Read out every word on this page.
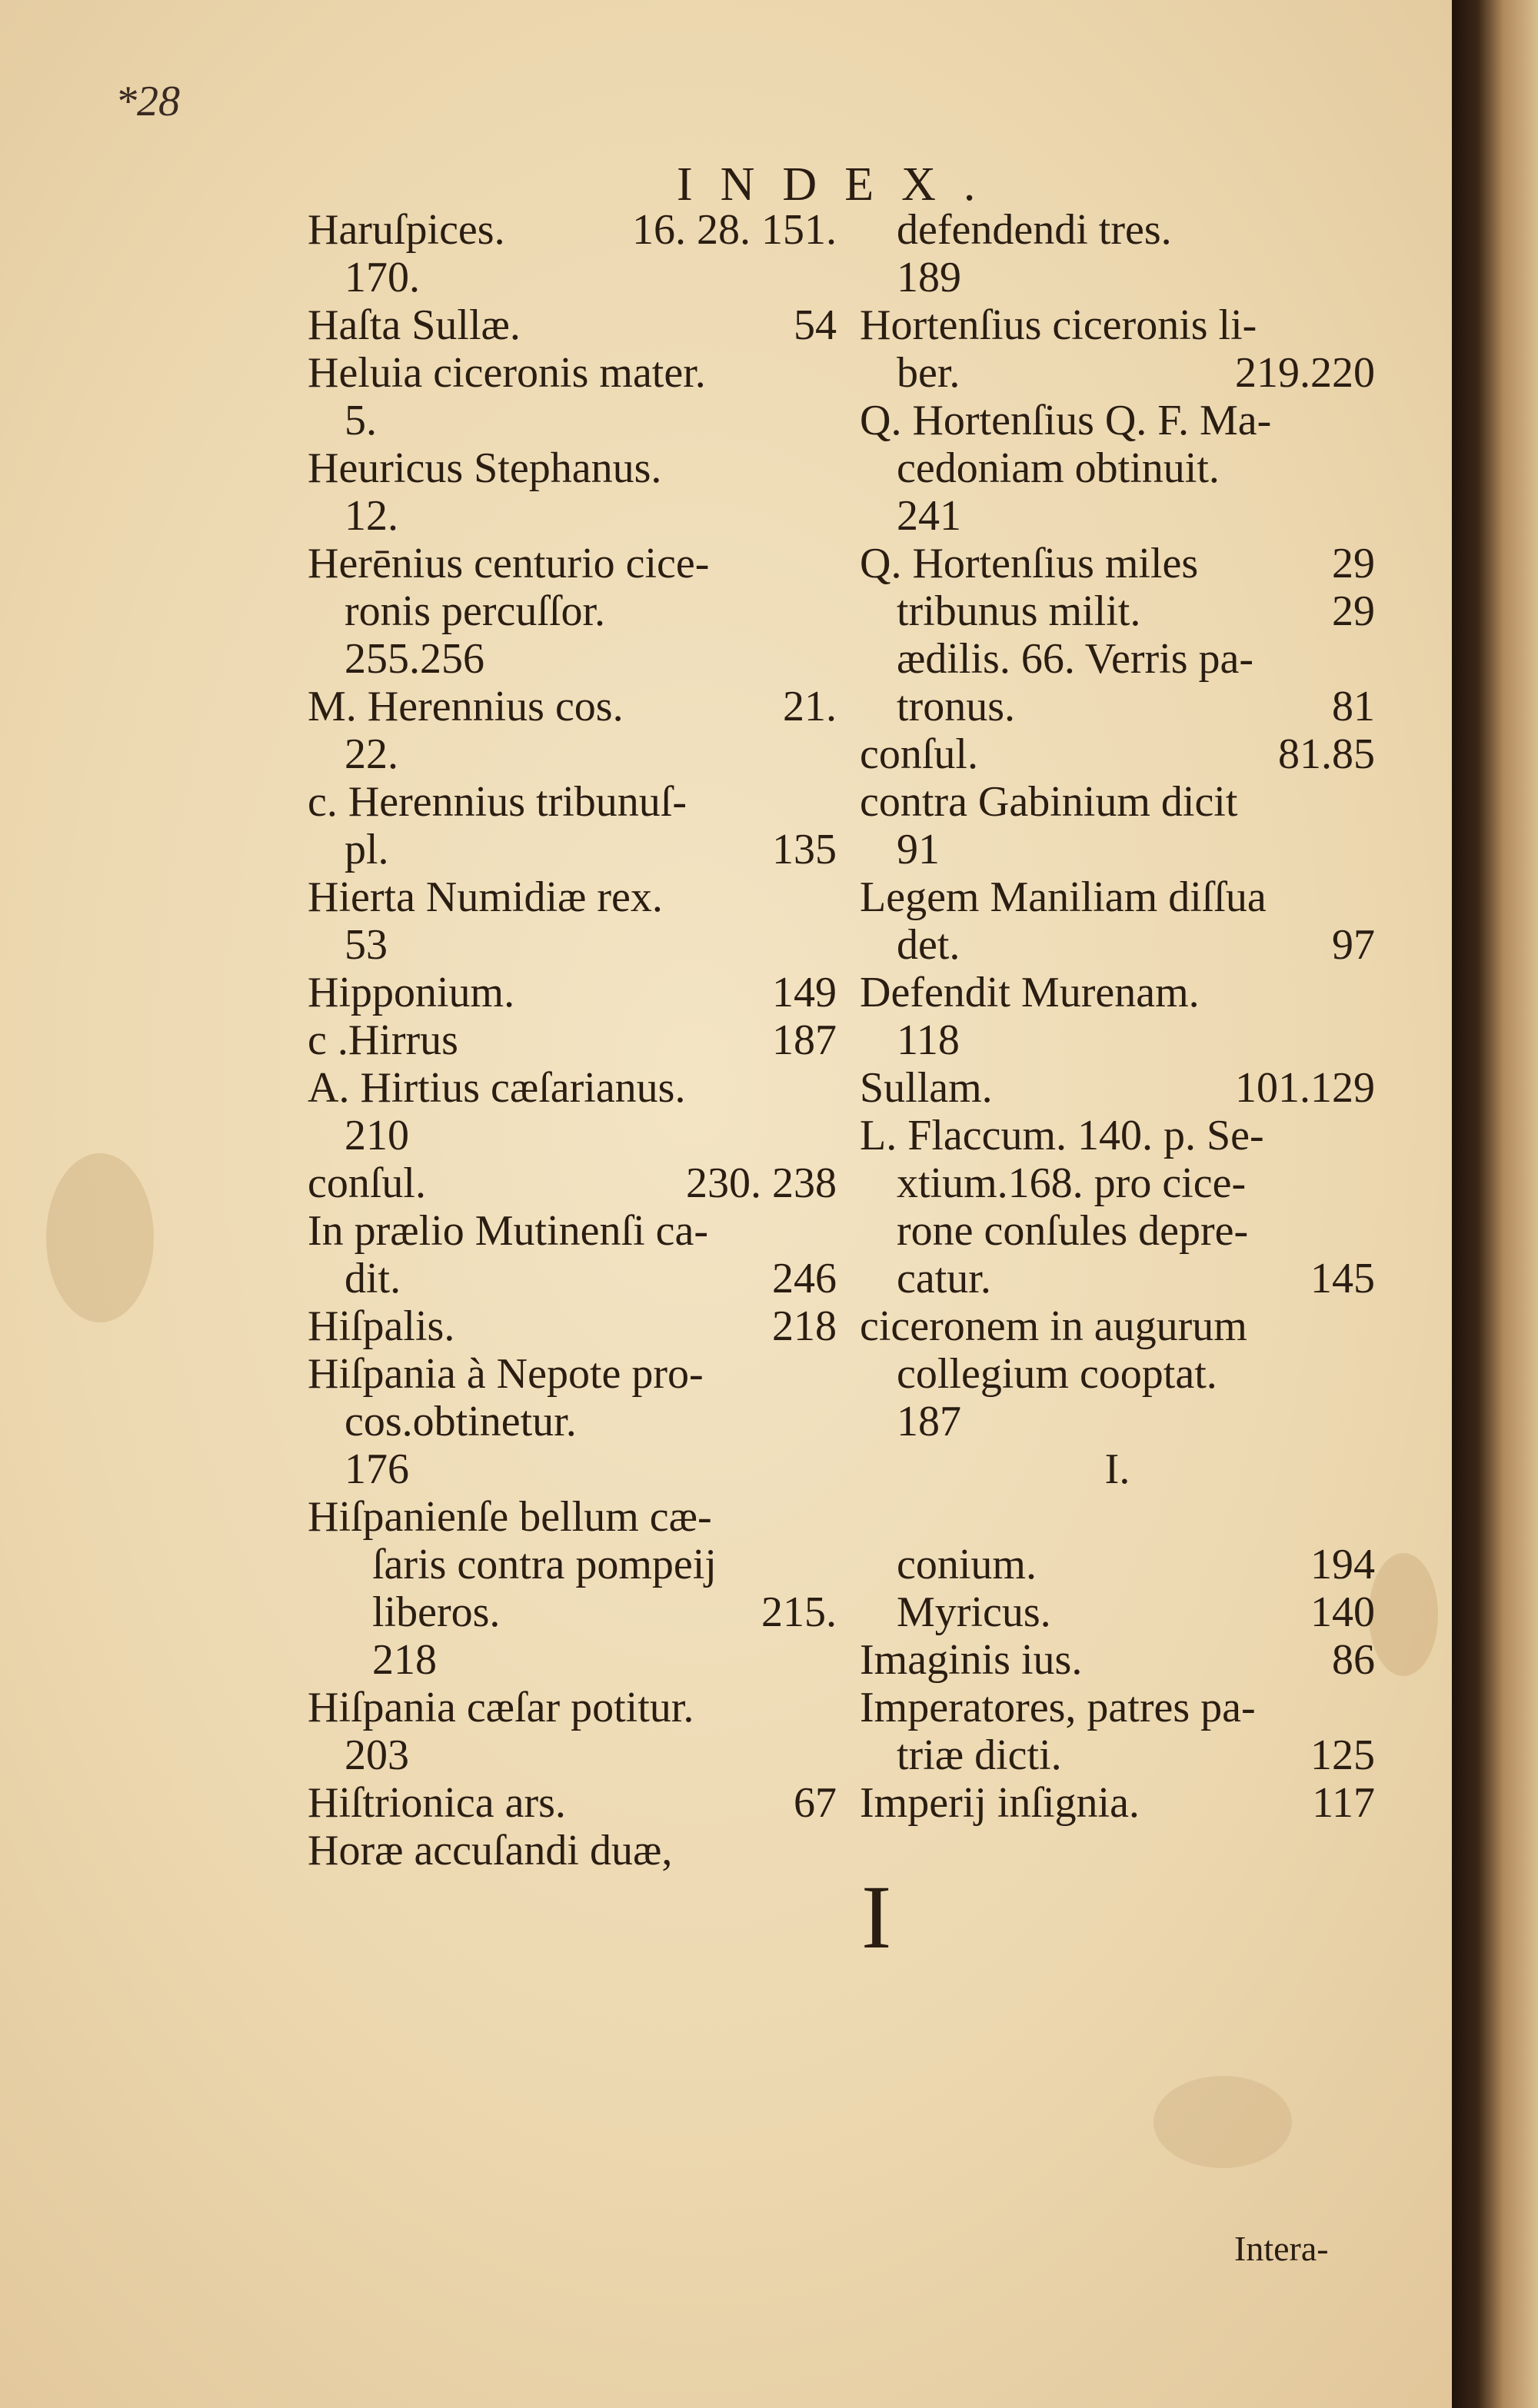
*28
INDEX.
Haruſpices.	16. 28. 151.
170.
Haſta Sullæ.	54
Heluia ciceronis mater.
5.
Heuricus Stephanus.
12.
Herēnius centurio cice-
ronis percuſſor.
255.256
M. Herennius cos.	21.
22.
c. Herennius tribunuſ-
pl.	135
Hierta Numidiæ rex.
53
Hipponium.	149
c .Hirrus	187
A. Hirtius cæſarianus.
210
conſul.	230. 238
In prælio Mutinenſi ca-
dit.	246
Hiſpalis.	218
Hiſpania à Nepote pro-
cos.obtinetur.
176
Hiſpanienſe bellum cæ-
ſaris contra pompeij
liberos.	215.
218
Hiſpania cæſar potitur.
203
Hiſtrionica ars.	67
Horæ accuſandi duæ,
defendendi tres.
189
Hortenſius ciceronis li-
ber.	219.220
Q. Hortenſius Q. F. Ma-
cedoniam obtinuit.
241
Q. Hortenſius miles	29
tribunus milit.	29
ædilis. 66. Verris pa-
tronus.	81
conſul.	81.85
contra Gabinium dicit
91
Legem Maniliam diſſua
det.	97
Defendit Murenam.
118
Sullam.	101.129
L. Flaccum. 140. p. Se-
xtium.168. pro cice-
rone conſules depre-
catur.	145
ciceronem in augurum
collegium cooptat.
187
I.
conium.	194
Myricus.	140
Imaginis ius.	86
Imperatores, patres pa-
triæ dicti.	125
Imperij inſignia.	117
I
Intera-
